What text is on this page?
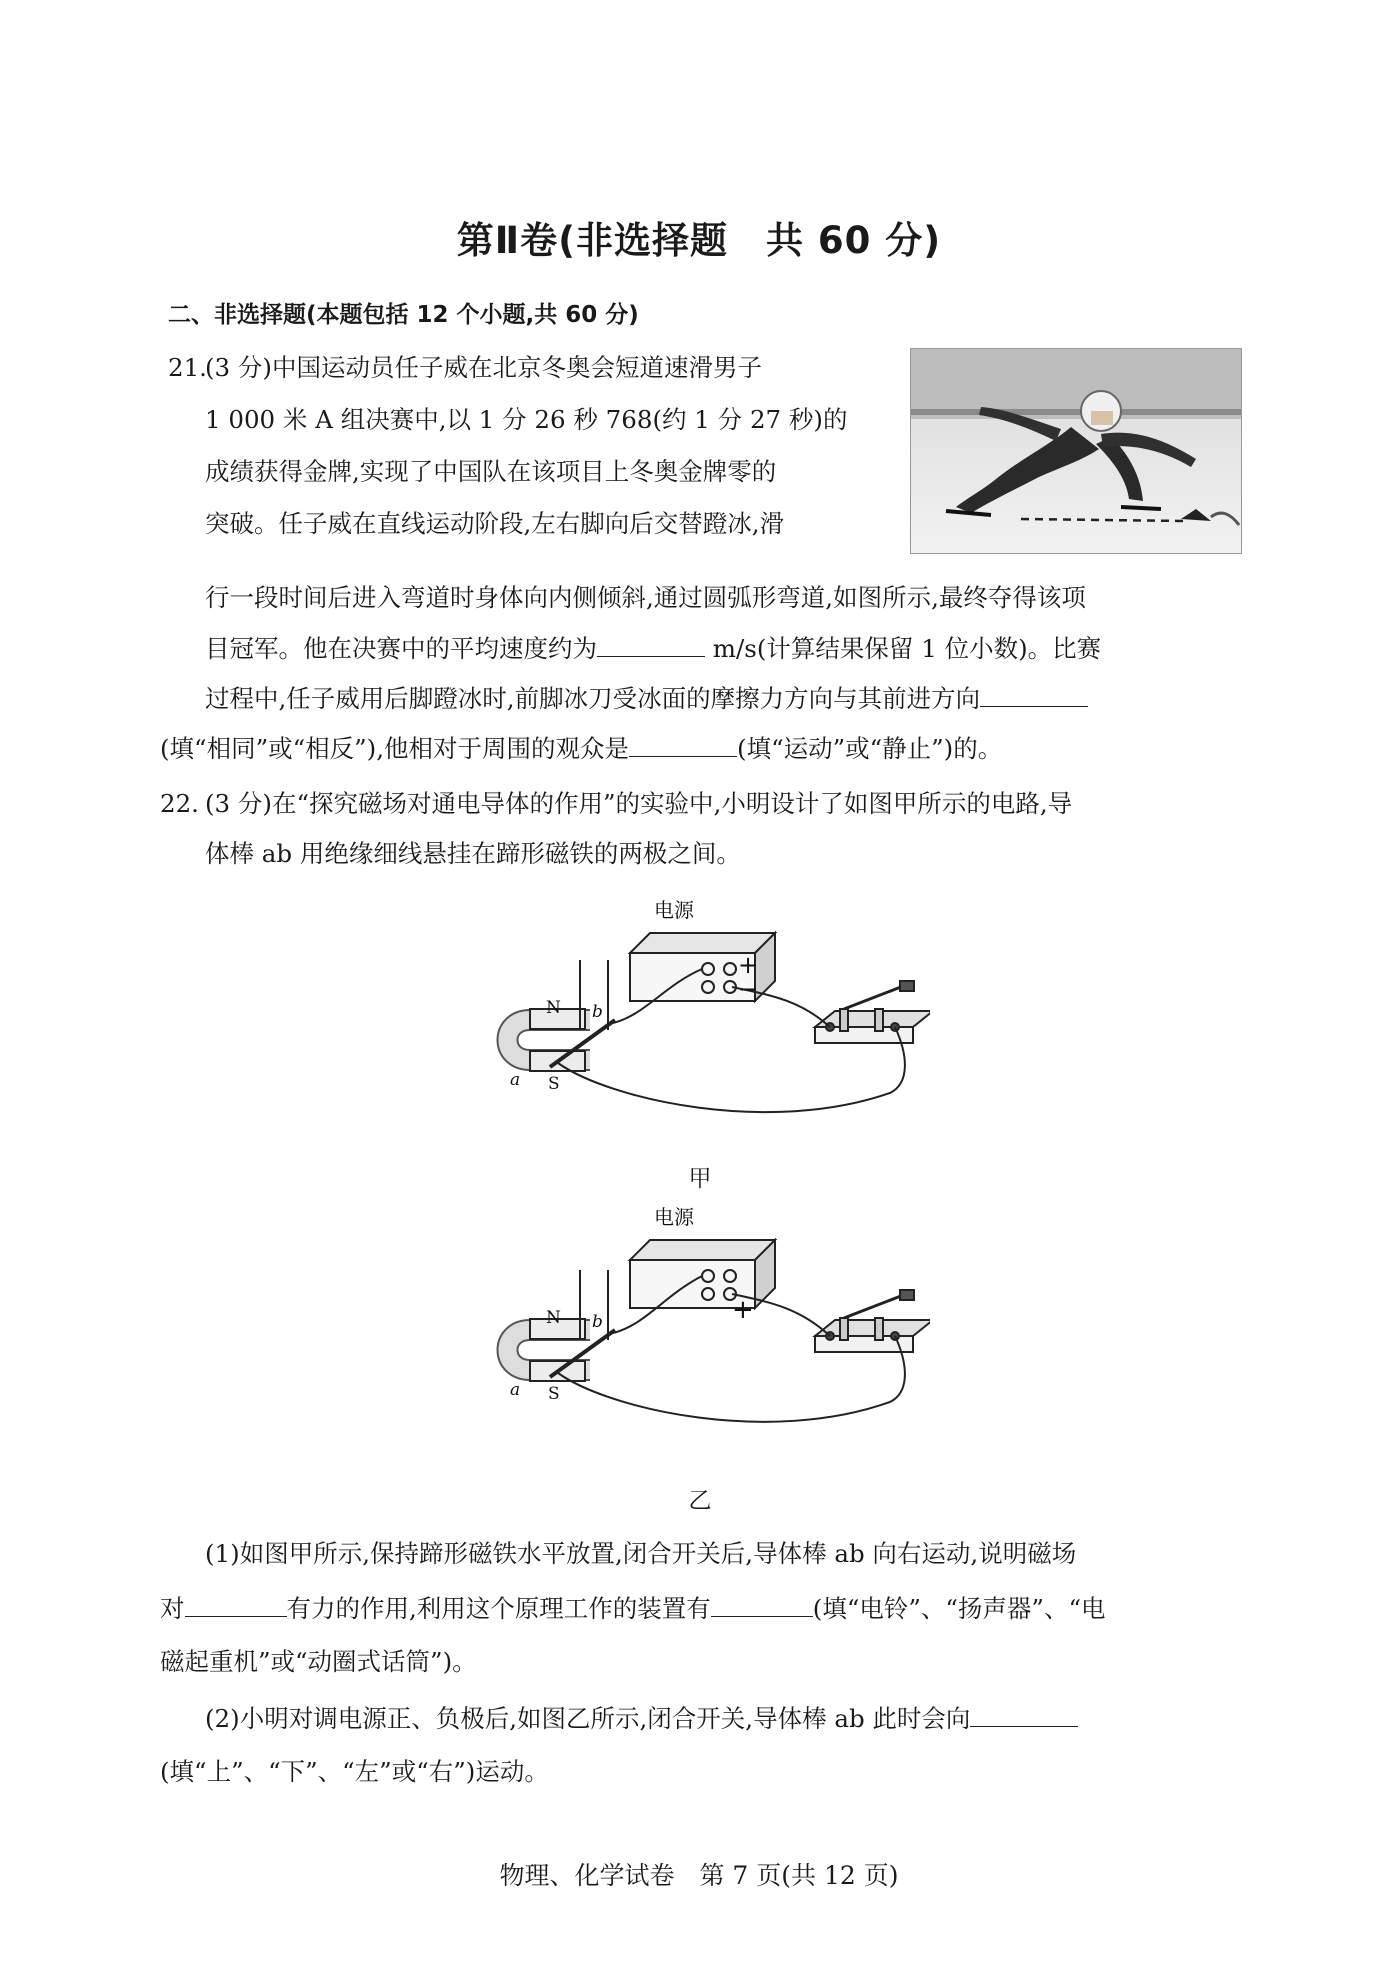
第Ⅱ卷(非选择题　共 60 分)
二、非选择题(本题包括 12 个小题,共 60 分)
21.
(3 分)中国运动员任子威在北京冬奥会短道速滑男子
1 000 米 A 组决赛中,以 1 分 26 秒 768(约 1 分 27 秒)的
成绩获得金牌,实现了中国队在该项目上冬奥金牌零的
突破。任子威在直线运动阶段,左右脚向后交替蹬冰,滑
行一段时间后进入弯道时身体向内侧倾斜,通过圆弧形弯道,如图所示,最终夺得该项
目冠军。他在决赛中的平均速度约为	m/s(计算结果保留 1 位小数)。比赛
过程中,任子威用后脚蹬冰时,前脚冰刀受冰面的摩擦力方向与其前进方向
(填“相同”或“相反”),他相对于周围的观众是	(填“运动”或“静止”)的。
22. (3 分)在“探究磁场对通电导体的作用”的实验中,小明设计了如图甲所示的电路,导
体棒 ab 用绝缘细线悬挂在蹄形磁铁的两极之间。
电源
+
−
N
S
a
b
甲
电源
+
N
S
a
b
乙
(1)如图甲所示,保持蹄形磁铁水平放置,闭合开关后,导体棒 ab 向右运动,说明磁场
对	有力的作用,利用这个原理工作的装置有	(填“电铃”、“扬声器”、“电
磁起重机”或“动圈式话筒”)。
(2)小明对调电源正、负极后,如图乙所示,闭合开关,导体棒 ab 此时会向
(填“上”、“下”、“左”或“右”)运动。
物理、化学试卷　第 7 页(共 12 页)
